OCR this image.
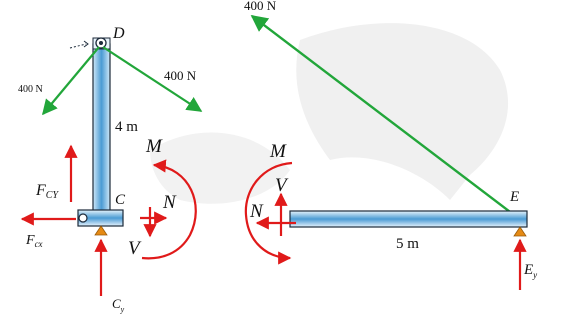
400 N
400 N
D
C
4 m
FCY
$F_{cx}$
$C_y$
M
N
V
400 N
M
V
N
E
5 m
$E_y$
